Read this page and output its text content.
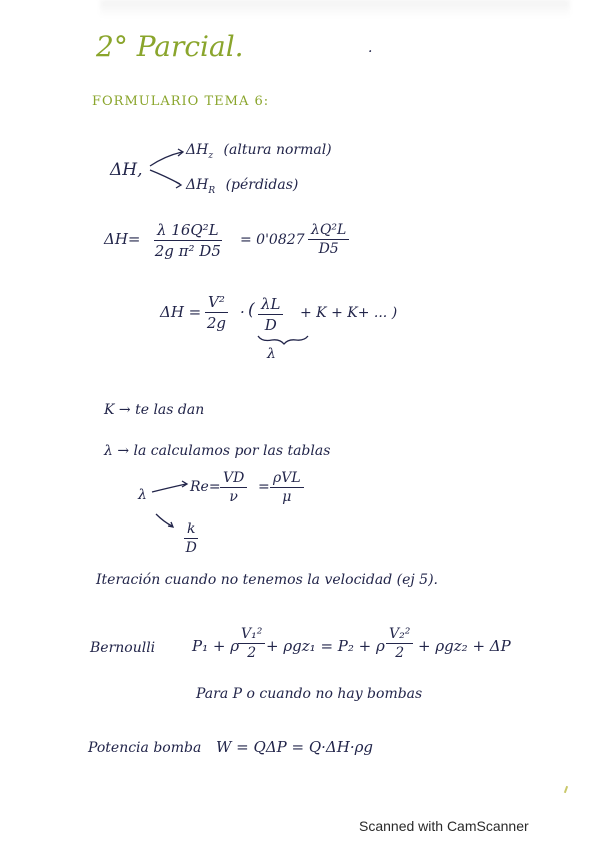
2° Parcial.	·
FORMULARIO TEMA 6:
ΔH,
$\Delta H_z$ (altura normal)
$\Delta H_R$ (pérdidas)
$\Delta H= \frac{\text{λ 16Q²L}}{\text{2g π² D5}} = 0'0827 \frac{\text{λQ²L}}{D5}$
$\Delta H = \frac{\text{V²}}{2g}$ · ( $\frac{\lambda L}{D} + K + K+$ ... )
λ
K → te las dan
λ → la calculamos por las tablas
λ	$Re= \frac{VD}{\nu}$ =
ρVL
μ
$\frac{k}{D}$
Iteración cuando no tenemos la velocidad (ej 5).
Bernoulli P₁ + ρ
$\frac{\text{V₁²}}{2} + \rho gz_1 = P_2 + \rho \frac{\text{V₂²}}{2} + \rho gz_2 + \Delta P$
Para P o cuando no hay bombas
Potencia bomba W = QΔP = Q·ΔH·ρg
Scanned with CamScanner
